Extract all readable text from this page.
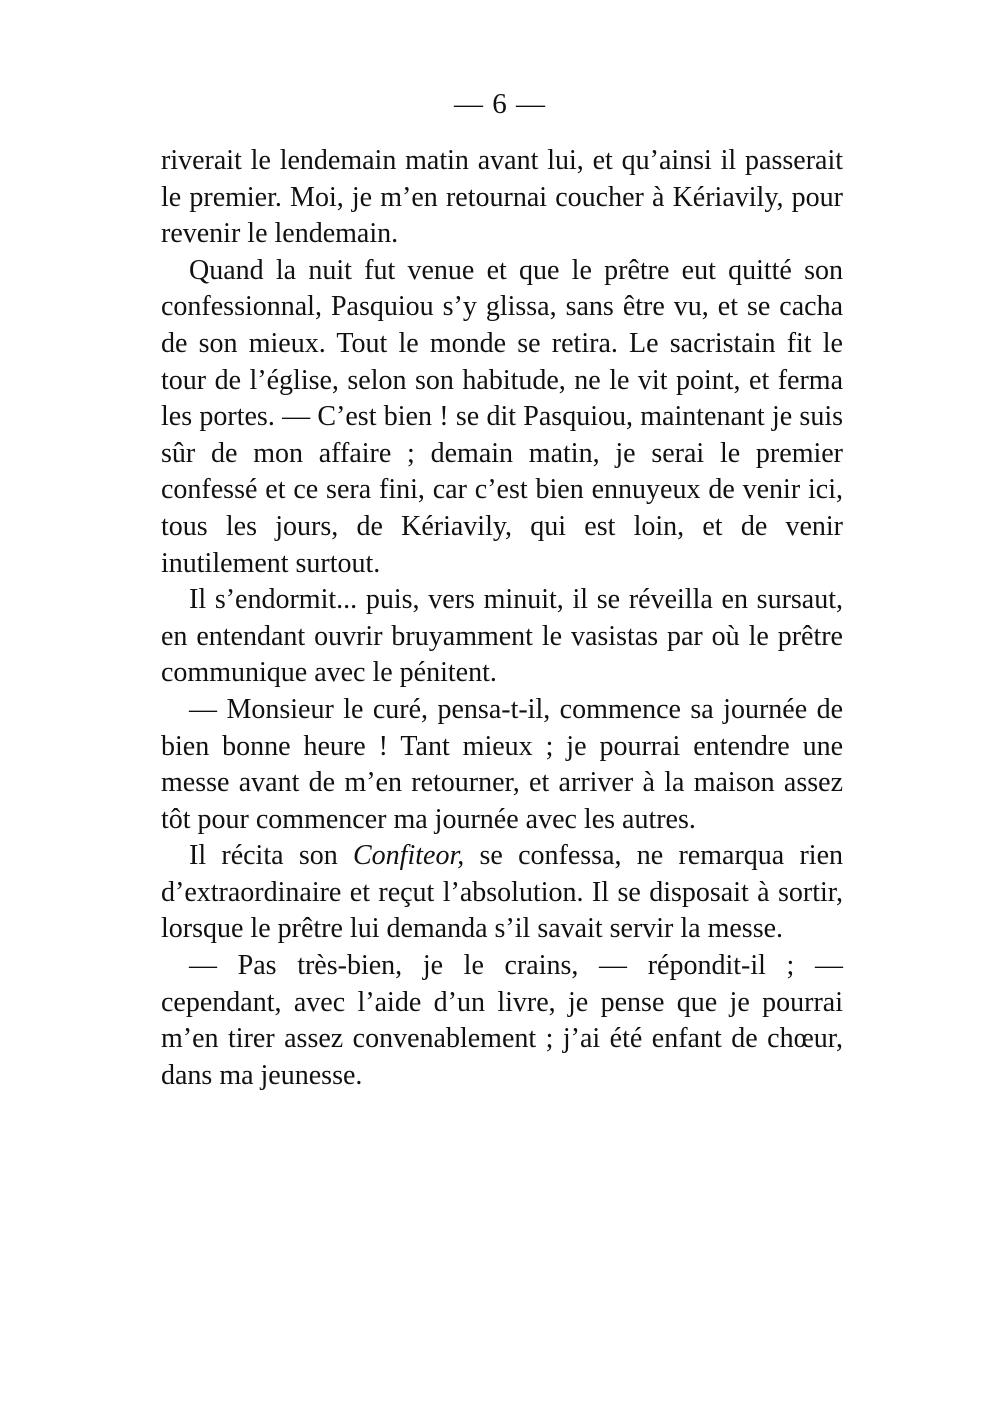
— 6 —

riverait le lendemain matin avant lui, et qu’ainsi il passerait le premier. Moi, je m’en retournai coucher à Kériavily, pour revenir le lendemain.

Quand la nuit fut venue et que le prêtre eut quitté son confessionnal, Pasquiou s’y glissa, sans être vu, et se cacha de son mieux. Tout le monde se retira. Le sacristain fit le tour de l’église, selon son habitude, ne le vit point, et ferma les portes. — C’est bien ! se dit Pasquiou, maintenant je suis sûr de mon affaire ; demain matin, je serai le premier confessé et ce sera fini, car c’est bien ennuyeux de venir ici, tous les jours, de Kériavily, qui est loin, et de venir inutilement surtout.

Il s’endormit... puis, vers minuit, il se réveilla en sursaut, en entendant ouvrir bruyamment le vasistas par où le prêtre communique avec le pénitent.

— Monsieur le curé, pensa-t-il, commence sa journée de bien bonne heure ! Tant mieux ; je pourrai entendre une messe avant de m’en retourner, et arriver à la maison assez tôt pour commencer ma journée avec les autres.

Il récita son Confiteor, se confessa, ne remarqua rien d’extraordinaire et reçut l’absolution. Il se disposait à sortir, lorsque le prêtre lui demanda s’il savait servir la messe.

— Pas très-bien, je le crains, — répondit-il ; — cependant, avec l’aide d’un livre, je pense que je pourrai m’en tirer assez convenablement ; j’ai été enfant de chœur, dans ma jeunesse.
